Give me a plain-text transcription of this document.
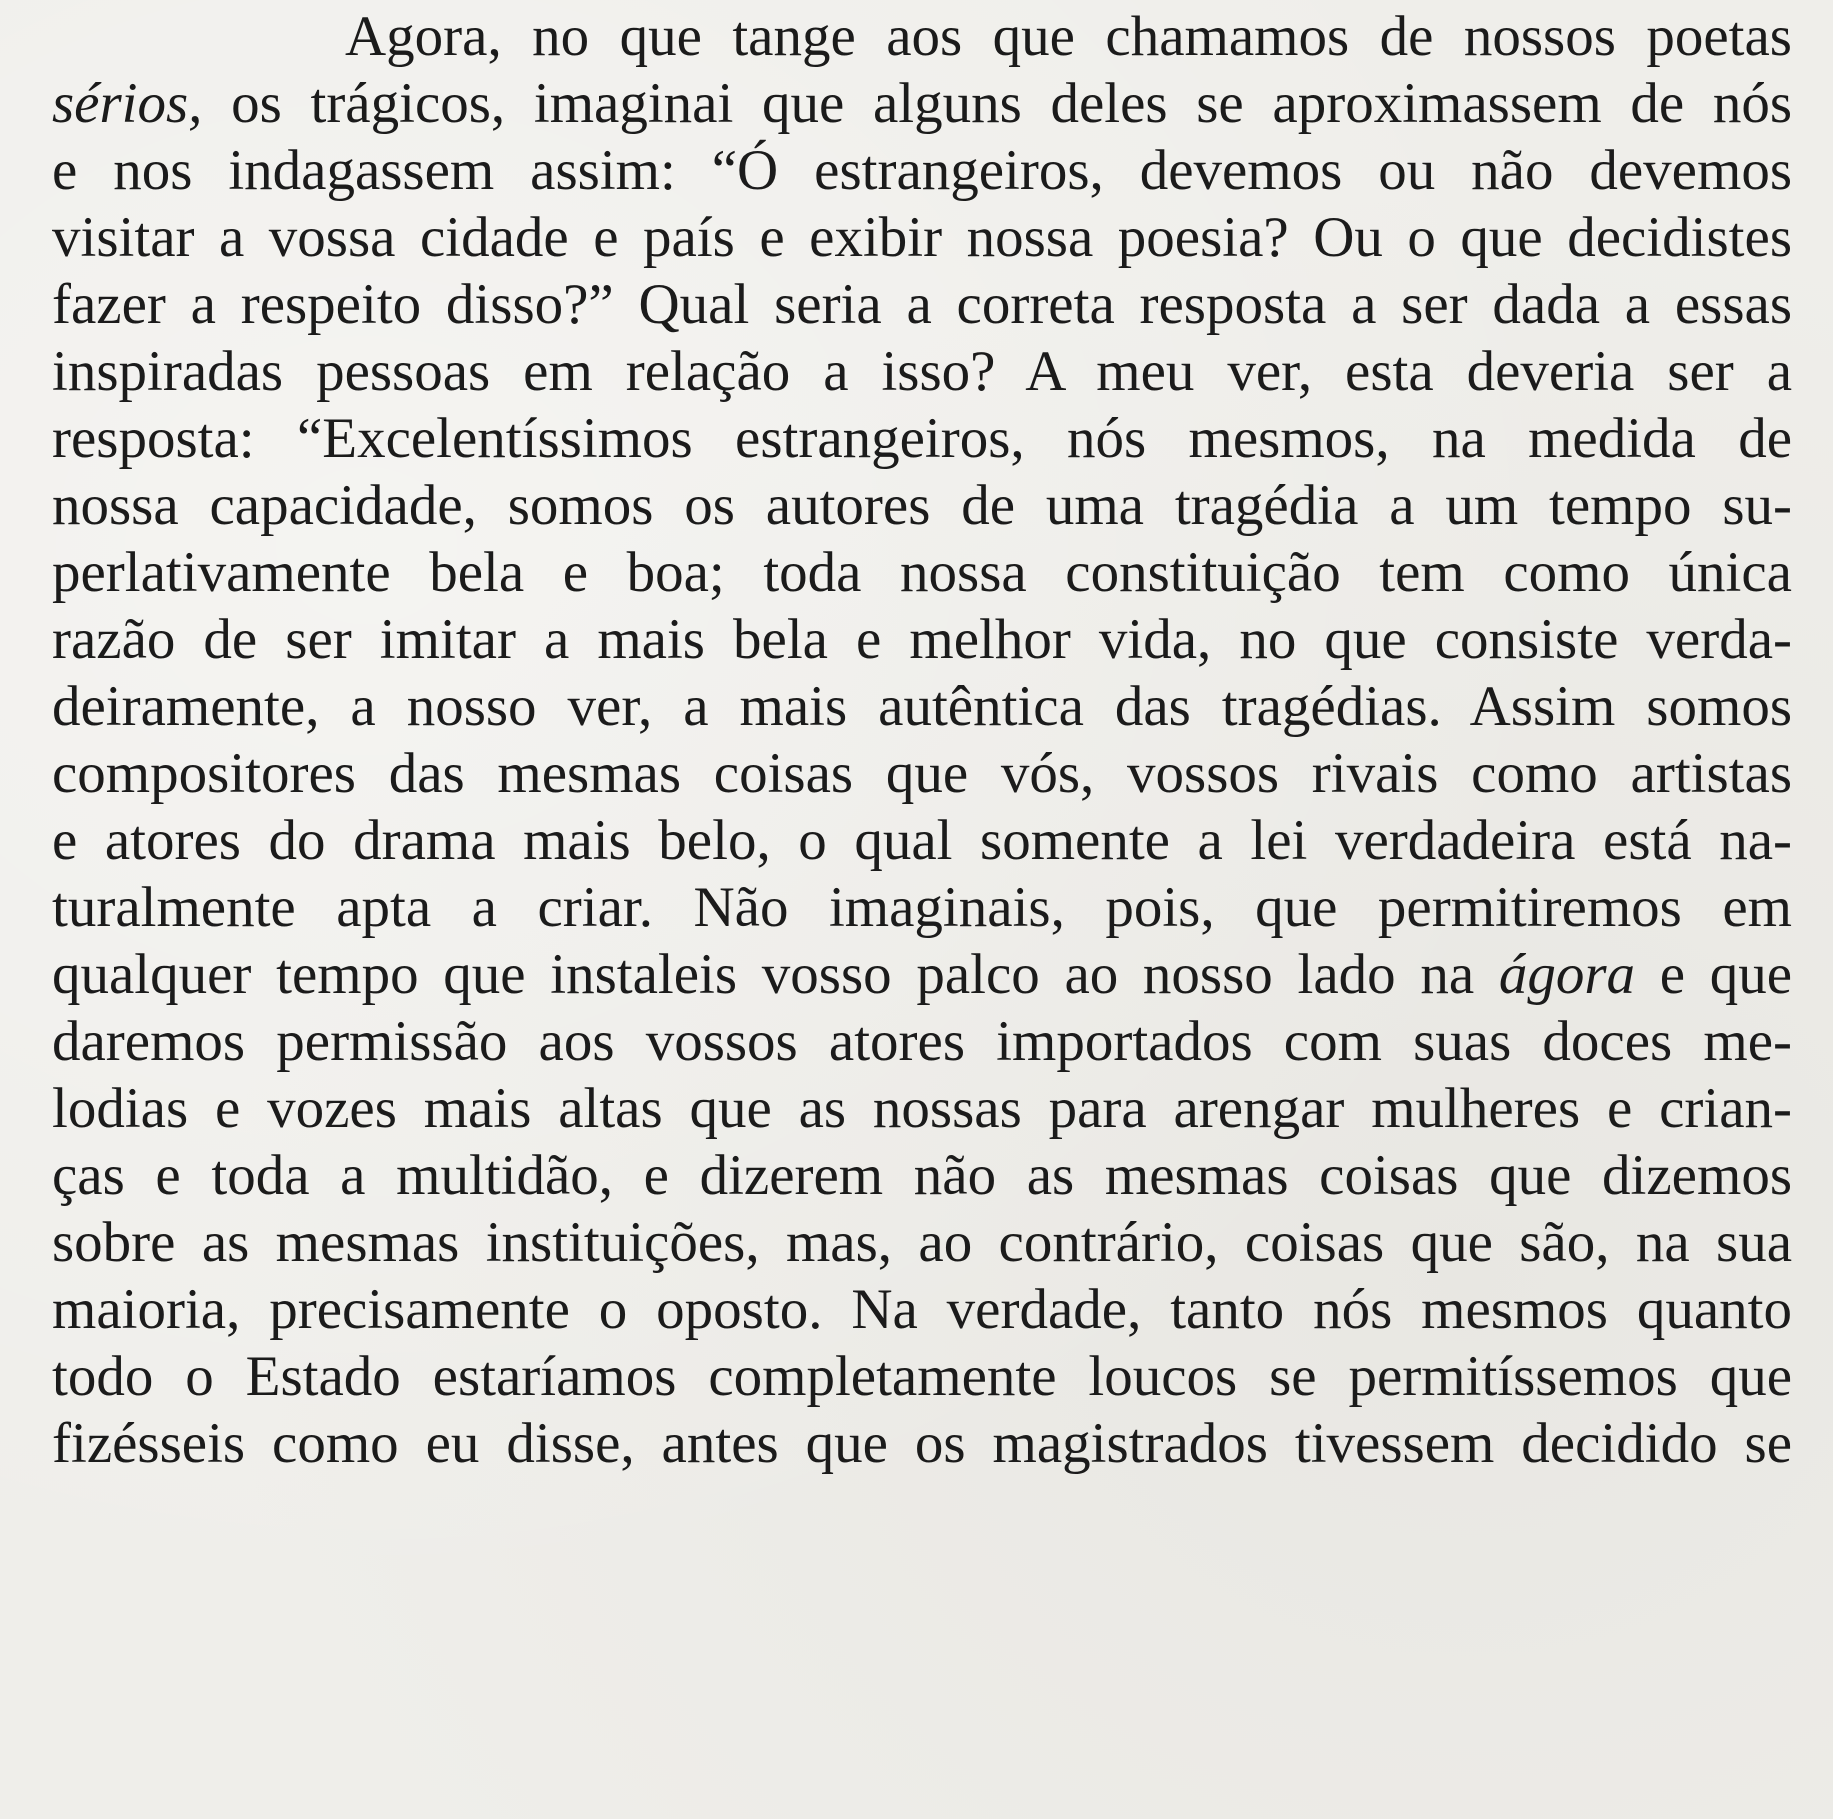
Agora, no que tange aos que chamamos de nossos poetas

sérios, os trágicos, imaginai que alguns deles se aproximassem de nós

e nos indagassem assim: “Ó estrangeiros, devemos ou não devemos

visitar a vossa cidade e país e exibir nossa poesia? Ou o que decidistes

fazer a respeito disso?” Qual seria a correta resposta a ser dada a essas

inspiradas pessoas em relação a isso? A meu ver, esta deveria ser a

resposta: “Excelentíssimos estrangeiros, nós mesmos, na medida de

nossa capacidade, somos os autores de uma tragédia a um tempo su-

perlativamente bela e boa; toda nossa constituição tem como única

razão de ser imitar a mais bela e melhor vida, no que consiste verda-

deiramente, a nosso ver, a mais autêntica das tragédias. Assim somos

compositores das mesmas coisas que vós, vossos rivais como artistas

e atores do drama mais belo, o qual somente a lei verdadeira está na-

turalmente apta a criar. Não imaginais, pois, que permitiremos em

qualquer tempo que instaleis vosso palco ao nosso lado na ágora e que

daremos permissão aos vossos atores importados com suas doces me-

lodias e vozes mais altas que as nossas para arengar mulheres e crian-

ças e toda a multidão, e dizerem não as mesmas coisas que dizemos

sobre as mesmas instituições, mas, ao contrário, coisas que são, na sua

maioria, precisamente o oposto. Na verdade, tanto nós mesmos quanto

todo o Estado estaríamos completamente loucos se permitíssemos que

fizésseis como eu disse, antes que os magistrados tivessem decidido se
